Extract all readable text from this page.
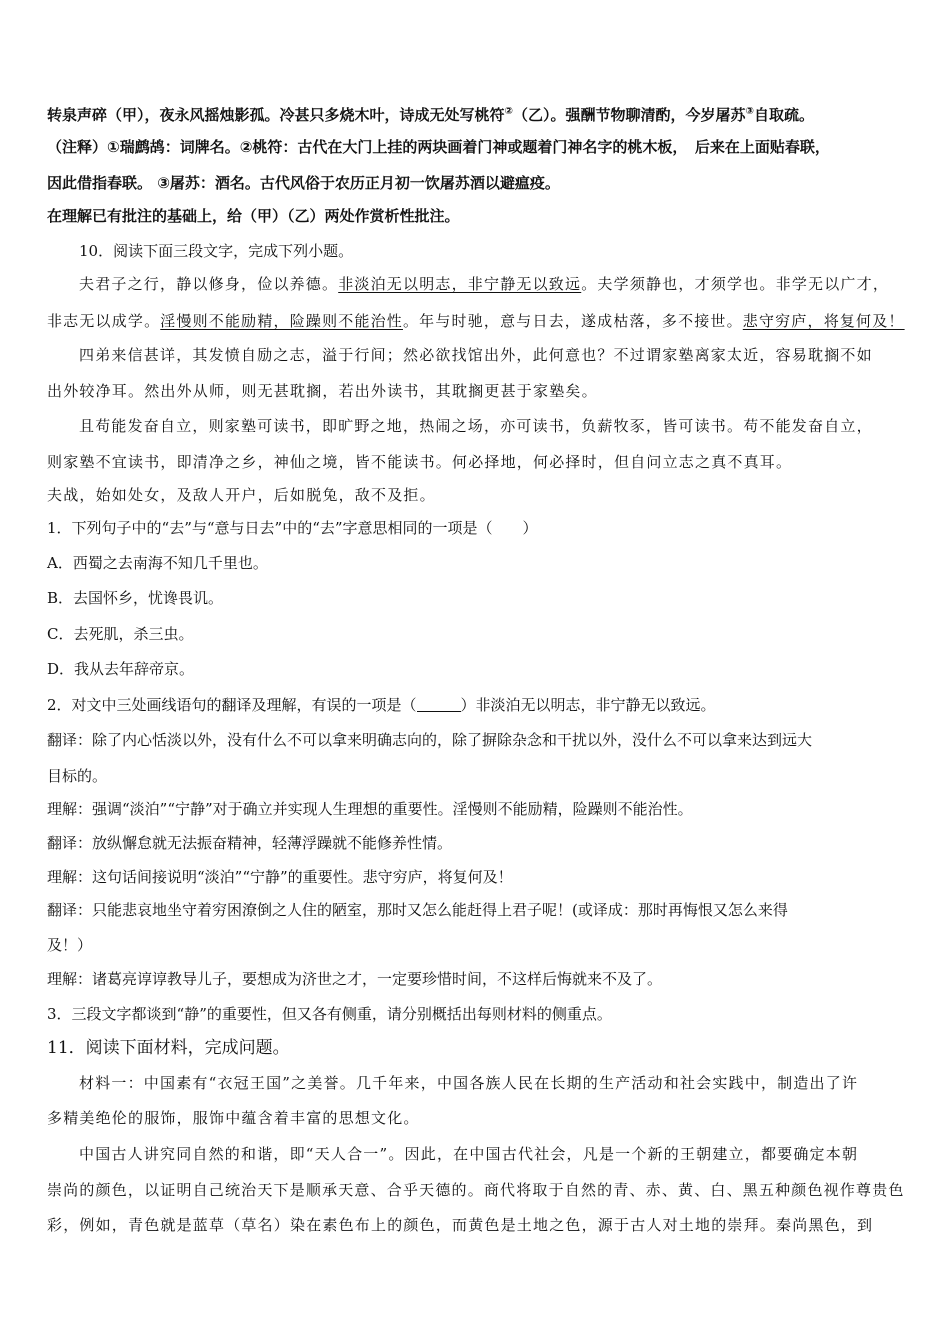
转泉声碎（甲），夜永风摇烛影孤。冷甚只多烧木叶，诗成无处写桃符②（乙）。强酬节物聊清酌，今岁屠苏③自取疏。
（注释）①瑞鹧鸪：词牌名。②桃符：古代在大门上挂的两块画着门神或题着门神名字的桃木板，　后来在上面贴春联，
因此借指春联。 ③屠苏：酒名。古代风俗于农历正月初一饮屠苏酒以避瘟疫。
在理解已有批注的基础上，给（甲）（乙）两处作赏析性批注。
10．阅读下面三段文字，完成下列小题。
夫君子之行，静以修身，俭以养德。非淡泊无以明志，非宁静无以致远。夫学须静也，才须学也。非学无以广才，
非志无以成学。淫慢则不能励精，险躁则不能治性。年与时驰，意与日去，遂成枯落，多不接世。悲守穷庐，将复何及！
四弟来信甚详，其发愤自励之志，溢于行间；然必欲找馆出外，此何意也？不过谓家塾离家太近，容易耽搁不如
出外较净耳。然出外从师，则无甚耽搁，若出外读书，其耽搁更甚于家塾矣。
且苟能发奋自立，则家塾可读书，即旷野之地，热闹之场，亦可读书，负薪牧豕，皆可读书。苟不能发奋自立，
则家塾不宜读书，即清净之乡，神仙之境，皆不能读书。何必择地，何必择时，但自问立志之真不真耳。
夫战，始如处女，及敌人开户，后如脱兔，敌不及拒。
1．下列句子中的“去”与“意与日去”中的“去”字意思相同的一项是（　　）
A．西蜀之去南海不知几千里也。
B．去国怀乡，忧谗畏讥。
C．去死肌，杀三虫。
D．我从去年辞帝京。
2．对文中三处画线语句的翻译及理解，有误的一项是（	）非淡泊无以明志，非宁静无以致远。
翻译：除了内心恬淡以外，没有什么不可以拿来明确志向的，除了摒除杂念和干扰以外，没什么不可以拿来达到远大
目标的。
理解：强调“淡泊”“宁静”对于确立并实现人生理想的重要性。淫慢则不能励精，险躁则不能治性。
翻译：放纵懈怠就无法振奋精神，轻薄浮躁就不能修养性情。
理解：这句话间接说明“淡泊”“宁静”的重要性。悲守穷庐，将复何及！
翻译：只能悲哀地坐守着穷困潦倒之人住的陋室，那时又怎么能赶得上君子呢！(或译成：那时再悔恨又怎么来得
及！）
理解：诸葛亮谆谆教导儿子，要想成为济世之才，一定要珍惜时间，不这样后悔就来不及了。
3．三段文字都谈到“静”的重要性，但又各有侧重，请分别概括出每则材料的侧重点。
11．阅读下面材料，完成问题。
材料一：中国素有“衣冠王国”之美誉。几千年来，中国各族人民在长期的生产活动和社会实践中，制造出了许
多精美绝伦的服饰，服饰中蕴含着丰富的思想文化。
中国古人讲究同自然的和谐，即“天人合一”。因此，在中国古代社会，凡是一个新的王朝建立，都要确定本朝
崇尚的颜色，以证明自己统治天下是顺承天意、合乎天德的。商代将取于自然的青、赤、黄、白、黑五种颜色视作尊贵色
彩，例如，青色就是蓝草（草名）染在素色布上的颜色，而黄色是土地之色，源于古人对土地的崇拜。秦尚黑色，到
